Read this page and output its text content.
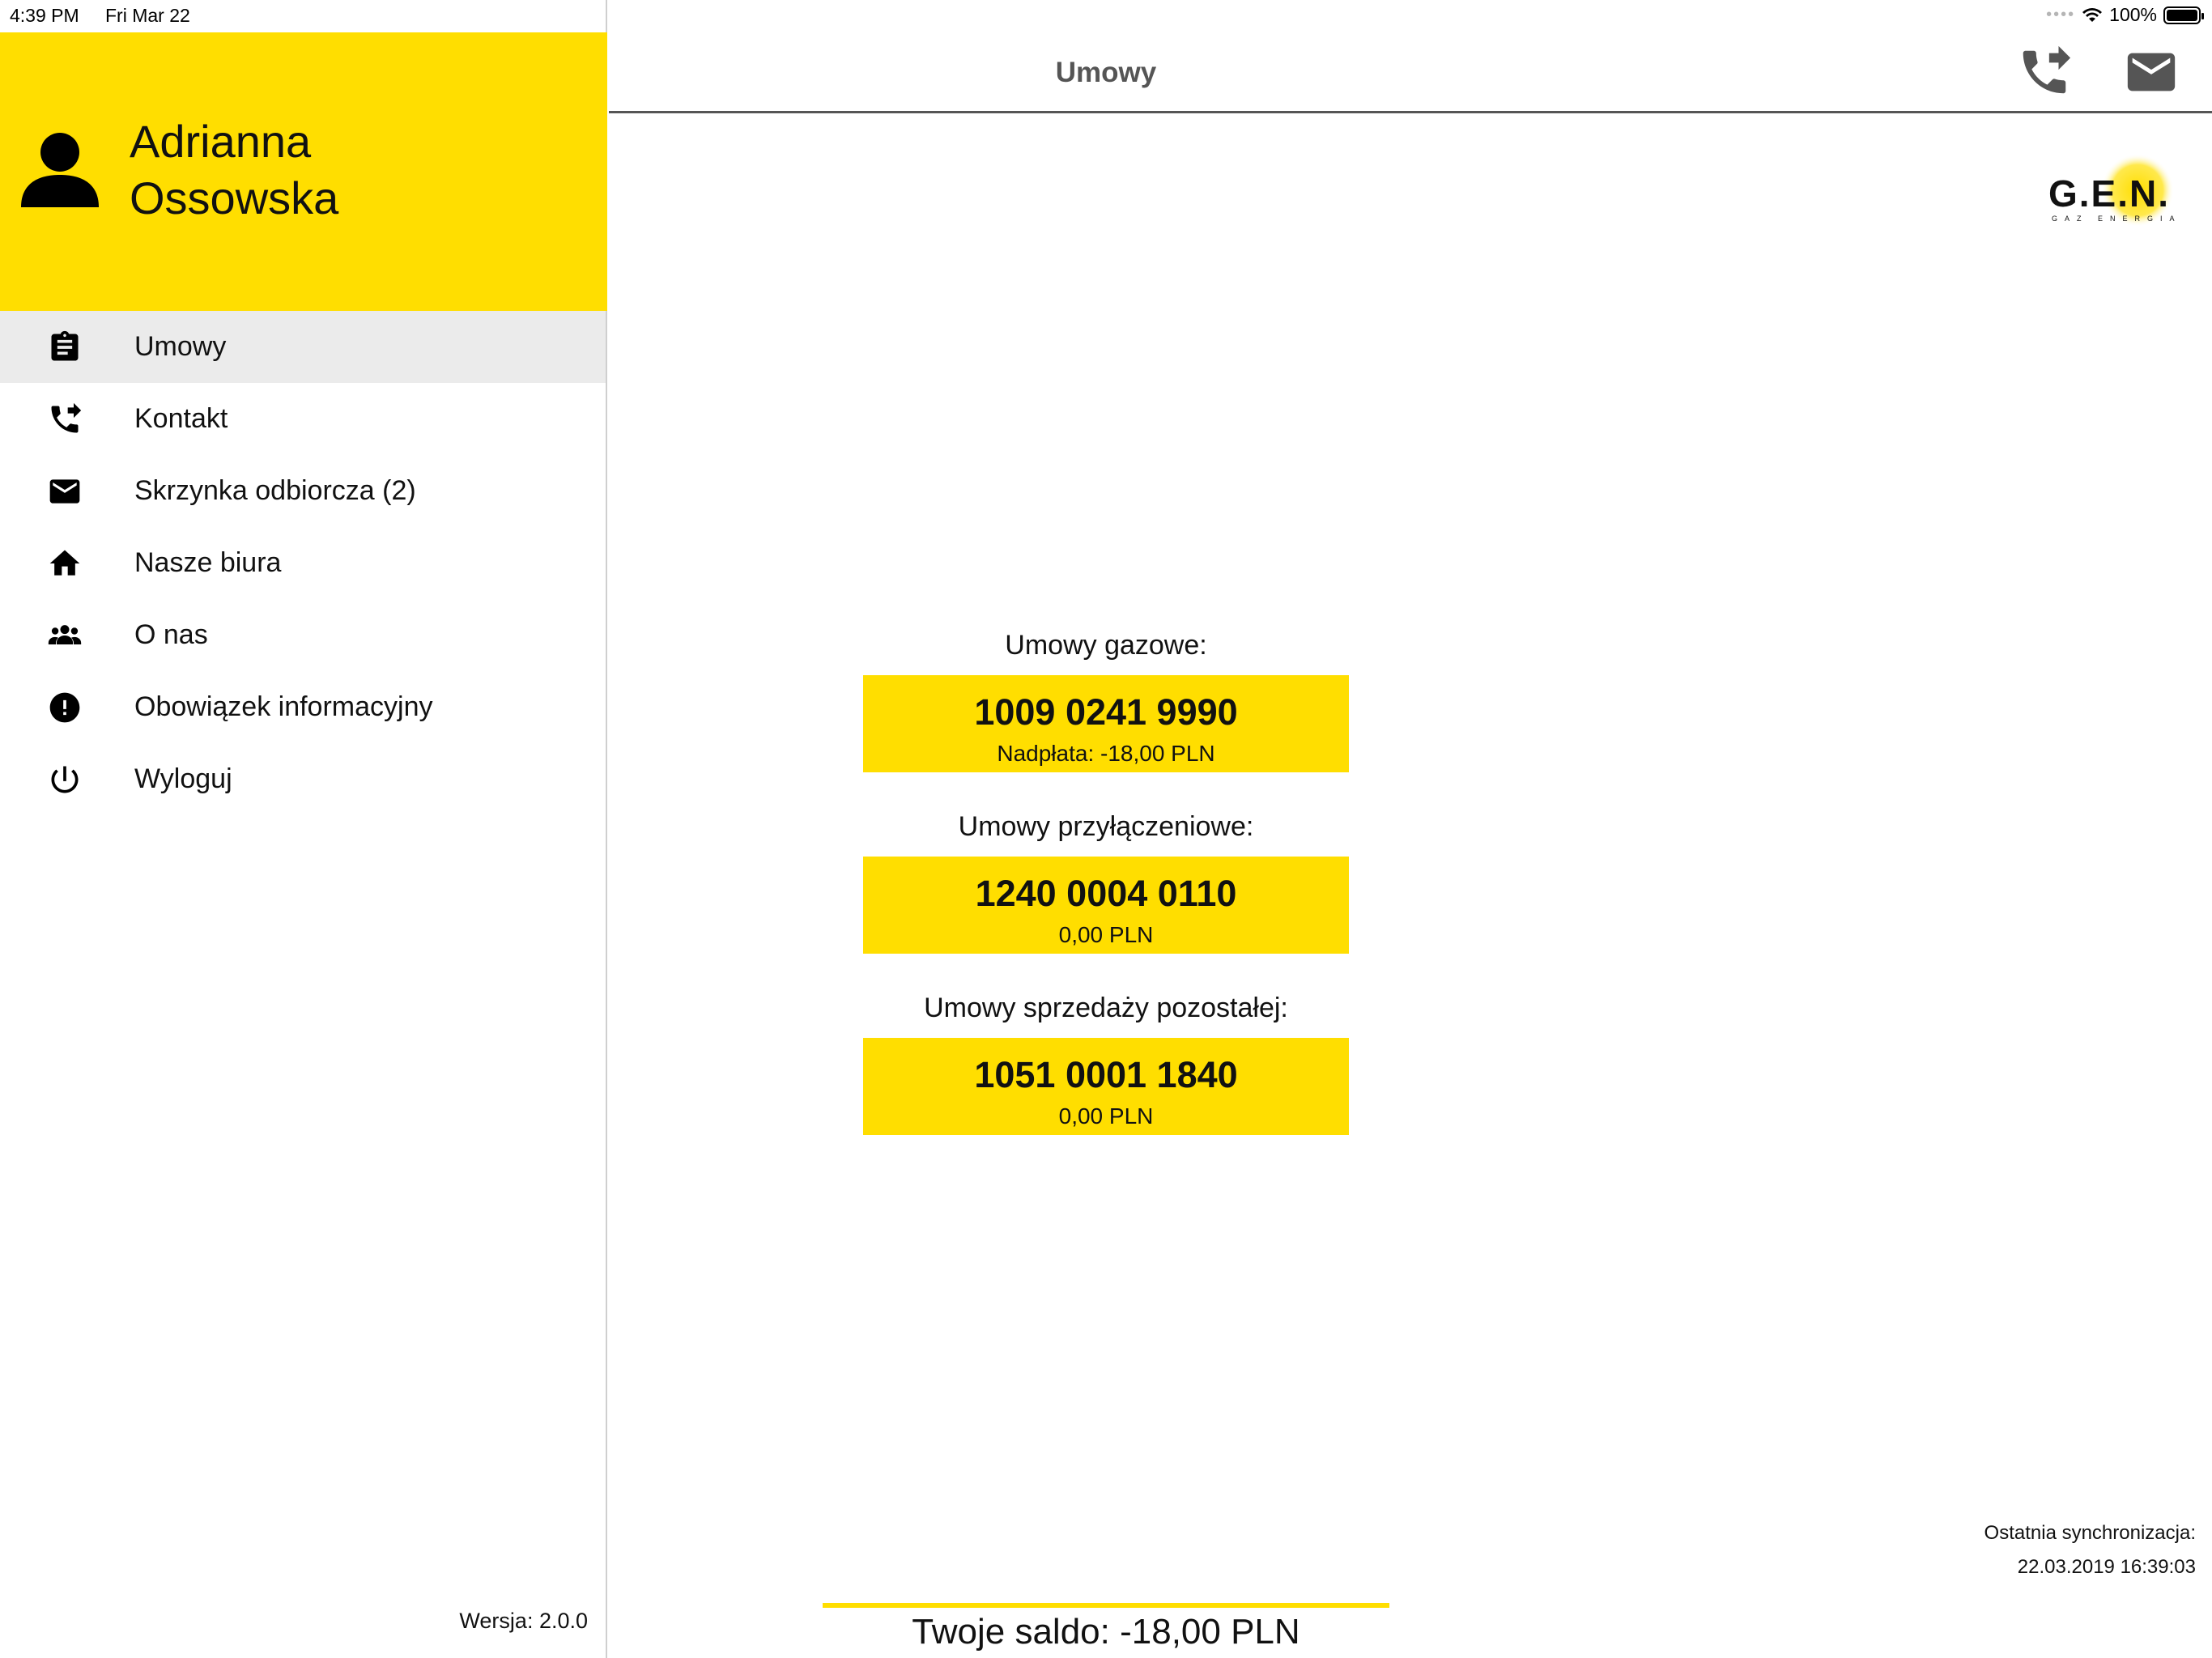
4:39 PM Fri Mar 22	•••• 100%
Adrianna
Ossowska
Umowy
Kontakt
Skrzynka odbiorcza (2)
Nasze biura
O nas
Obowiązek informacyjny
Wyloguj
Wersja: 2.0.0
Umowy
G.E.N.
GAZ ENERGIA
Umowy gazowe:
1009 0241 9990
Nadpłata: -18,00 PLN
Umowy przyłączeniowe:
1240 0004 0110
0,00 PLN
Umowy sprzedaży pozostałej:
1051 0001 1840
0,00 PLN
Ostatnia synchronizacja:
22.03.2019 16:39:03
Twoje saldo: -18,00 PLN
